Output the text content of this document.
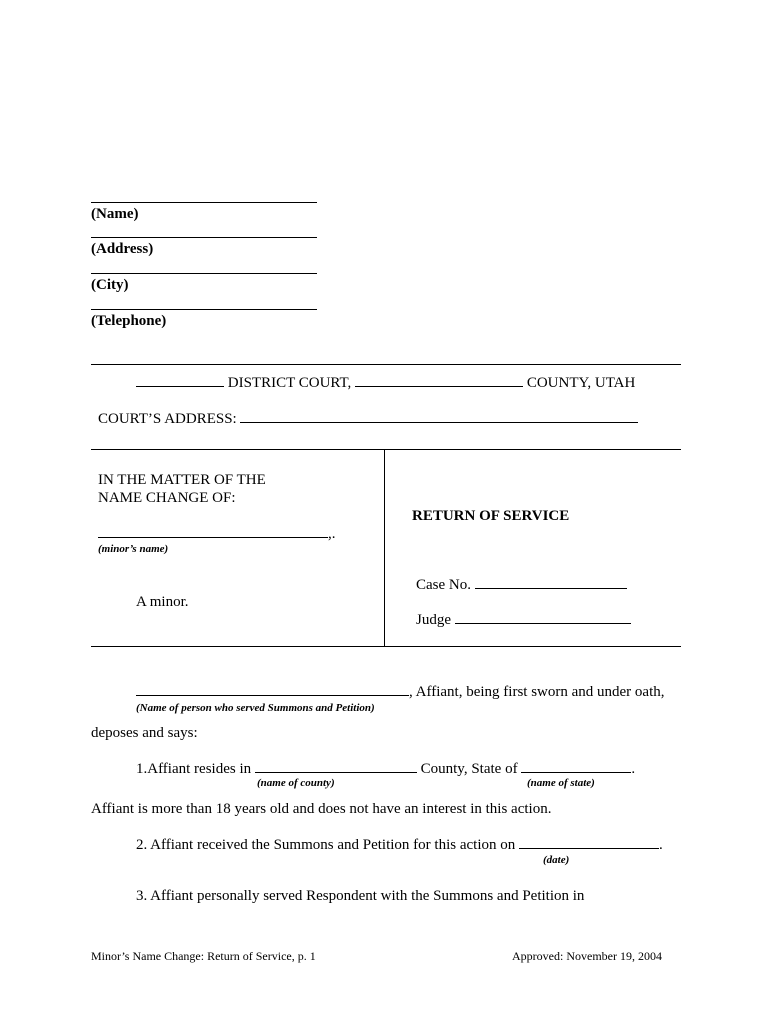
(Name)
(Address)
(City)
(Telephone)
DISTRICT COURT,	COUNTY, UTAH
COURT’S ADDRESS:
IN THE MATTER OF THE
NAME CHANGE OF:
,.
(minor’s name)
A minor.
RETURN OF SERVICE
Case No.
Judge
, Affiant, being first sworn and under oath,
(Name of person who served Summons and Petition)
deposes and says:
1.Affiant resides in	County, State of	.
(name of county)	(name of state)
Affiant is more than 18 years old and does not have an interest in this action.
2. Affiant received the Summons and Petition for this action on	.
(date)
3. Affiant personally served Respondent with the Summons and Petition in
Minor’s Name Change: Return of Service, p. 1	Approved: November 19, 2004
